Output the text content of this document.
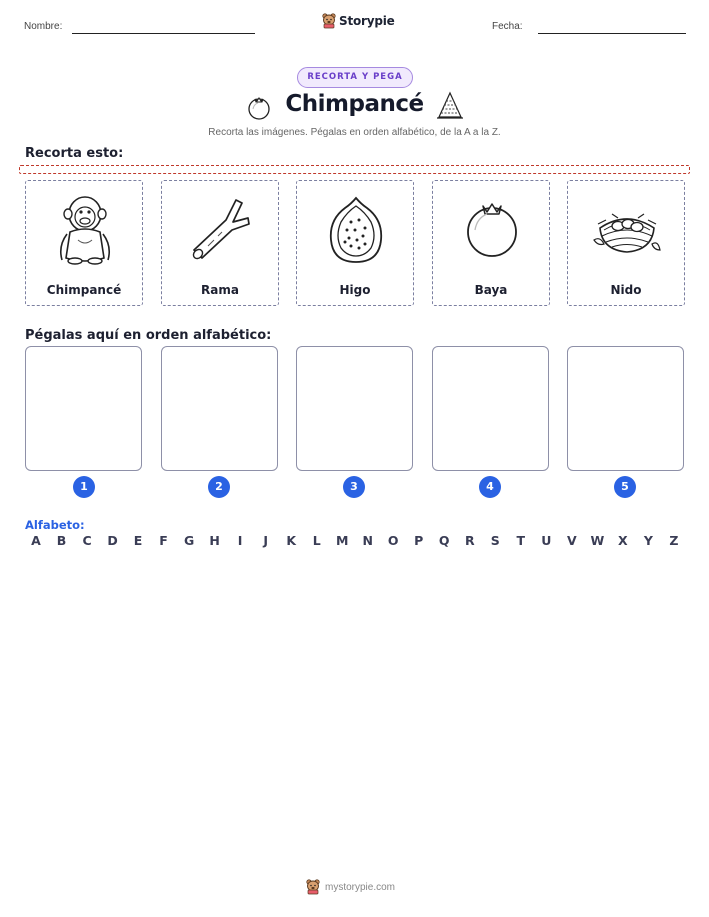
Nombre:	Storypie	Fecha:
RECORTA Y PEGA
Chimpancé
Recorta las imágenes. Pégalas en orden alfabético, de la A a la Z.
Recorta esto:
Chimpancé	Rama	Higo	Baya	Nido
Pégalas aquí en orden alfabético:
1	2	3	4	5
Alfabeto:
A	B	C	D	E	F	G	H	I	J	K	L	M	N	O	P	Q	R	S	T	U	V	W	X	Y	Z
mystorypie.com
